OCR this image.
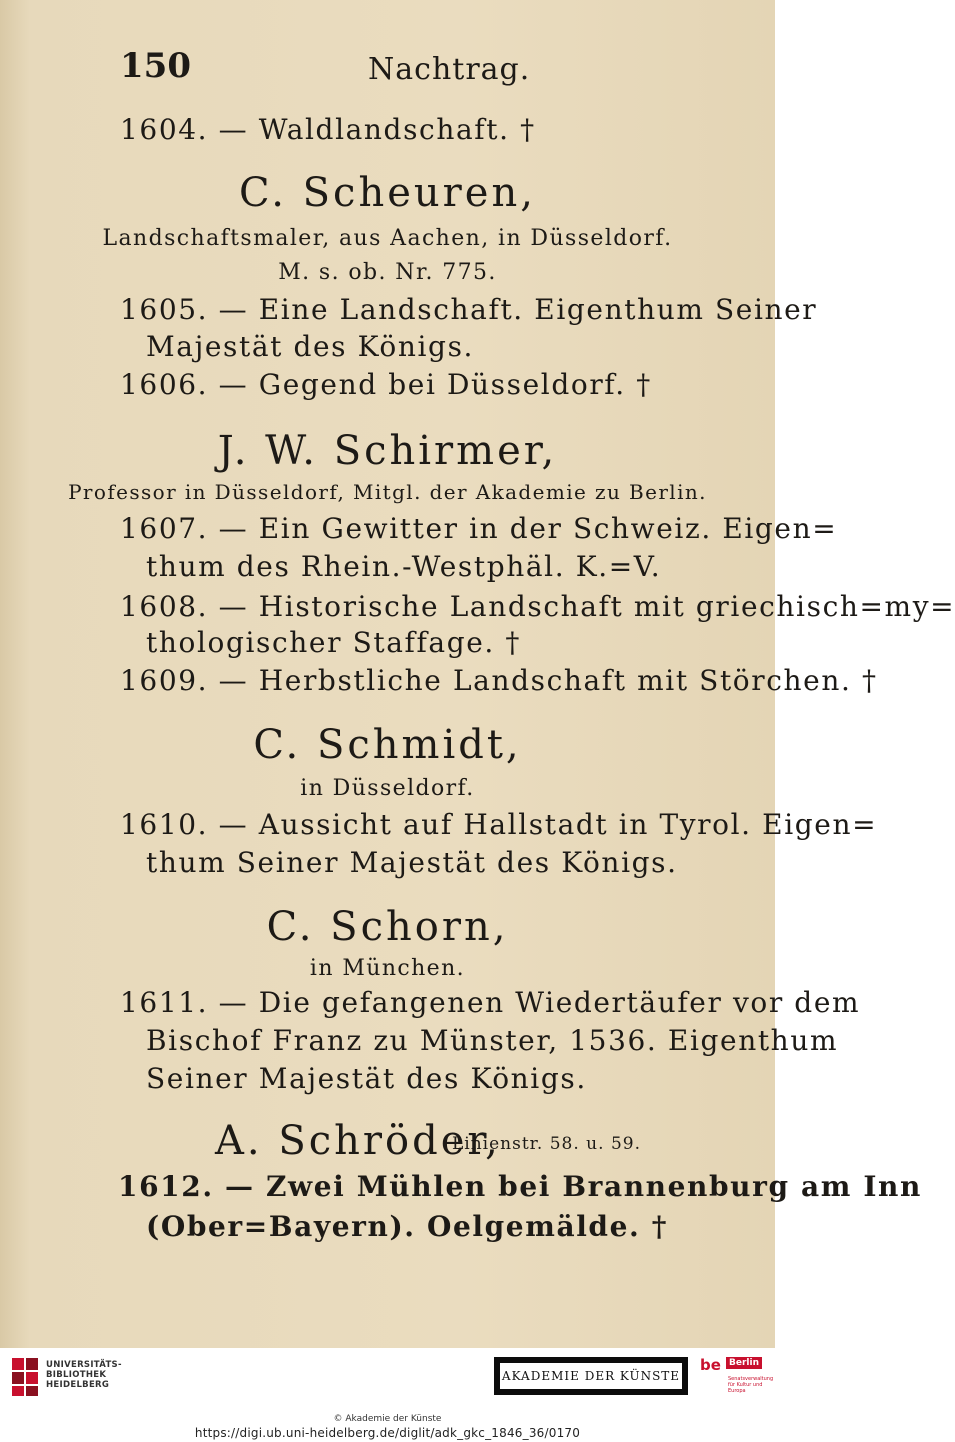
150	Nachtrag.
1604. — Waldlandschaft. †
C. Scheuren,
Landschaftsmaler, aus Aachen, in Düsseldorf.
M. s. ob. Nr. 775.
1605. — Eine Landschaft. Eigenthum Seiner
Majestät des Königs.
1606. — Gegend bei Düsseldorf. †
J. W. Schirmer,
Professor in Düsseldorf, Mitgl. der Akademie zu Berlin.
1607. — Ein Gewitter in der Schweiz. Eigen=
thum des Rhein.-Westphäl. K.=V.
1608. — Historische Landschaft mit griechisch=my=
thologischer Staffage. †
1609. — Herbstliche Landschaft mit Störchen. †
C. Schmidt,
in Düsseldorf.
1610. — Aussicht auf Hallstadt in Tyrol. Eigen=
thum Seiner Majestät des Königs.
C. Schorn,
in München.
1611. — Die gefangenen Wiedertäufer vor dem
Bischof Franz zu Münster, 1536. Eigenthum
Seiner Majestät des Königs.
A. Schröder,
Linienstr. 58. u. 59.
1612. — Zwei Mühlen bei Brannenburg am Inn
(Ober=Bayern). Oelgemälde. †
UNIVERSITÄTS-
BIBLIOTHEK
HEIDELBERG
AKADEMIE DER KÜNSTE
be Berlin
Senatsverwaltung für Kultur und Europa
© Akademie der Künste
https://digi.ub.uni-heidelberg.de/diglit/adk_gkc_1846_36/0170
